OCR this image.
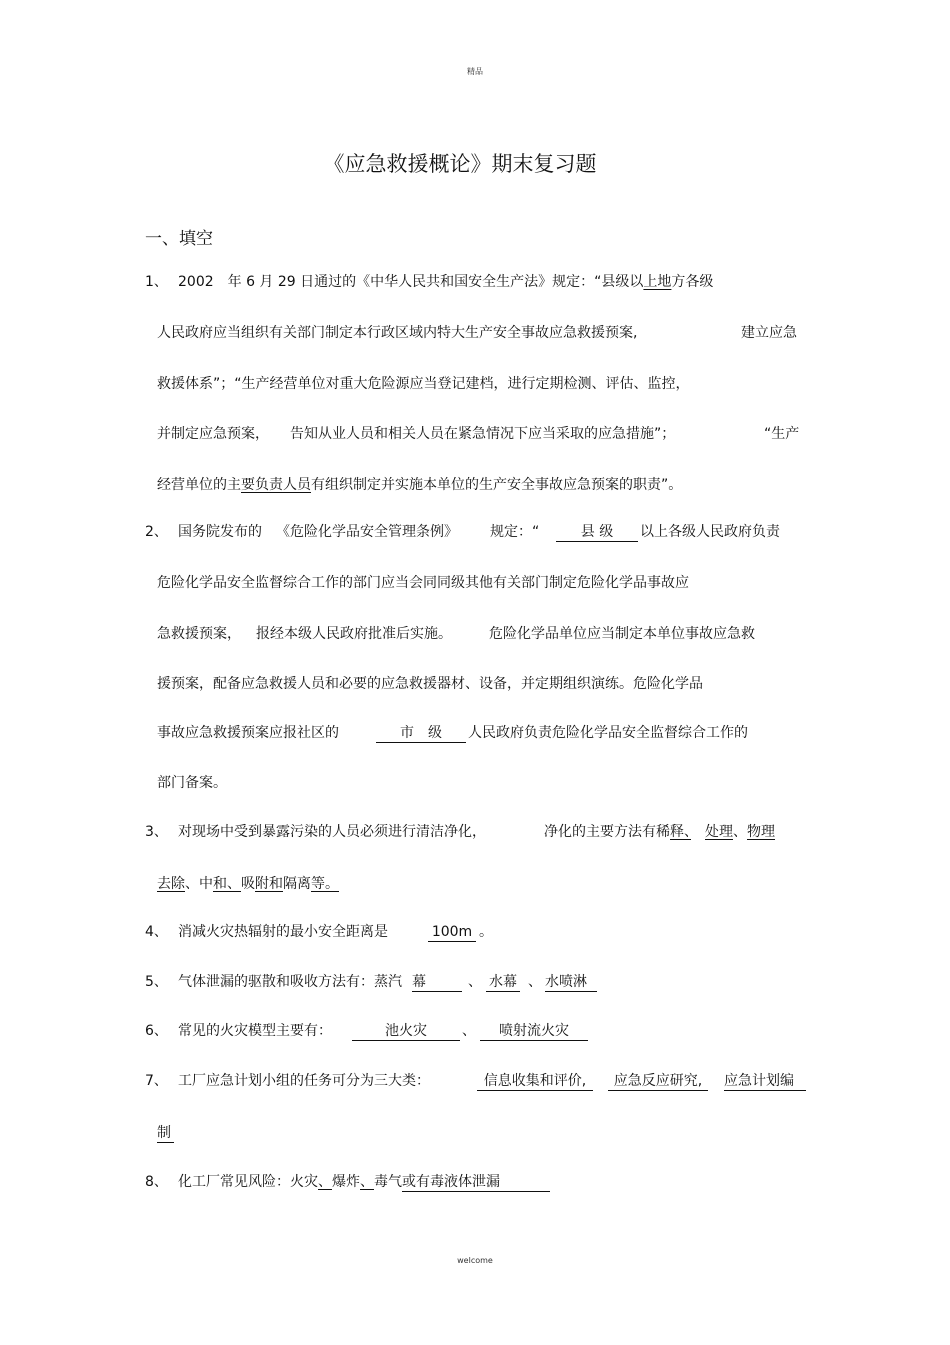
精品
《应急救援概论》期末复习题
一、填空
1、 2002　年 6 月 29 日通过的《中华人民共和国安全生产法》规定：“县级以上地方各级
人民政府应当组织有关部门制定本行政区域内特大生产安全事故应急救援预案,	建立应急
救援体系”；“生产经营单位对重大危险源应当登记建档，进行定期检测、评估、监控，
并制定应急预案， 告知从业人员和相关人员在紧急情况下应当采取的应急措施”；	“生产
经营单位的主要负责人员有组织制定并实施本单位的生产安全事故应急预案的职责”。
2、 国务院发布的 《危险化学品安全管理条例》 规定：“	县 级	以上各级人民政府负责
危险化学品安全监督综合工作的部门应当会同同级其他有关部门制定危险化学品事故应
急救援预案， 报经本级人民政府批准后实施。	危险化学品单位应当制定本单位事故应急救
援预案，配备应急救援人员和必要的应急救援器材、设备，并定期组织演练。危险化学品
事故应急救援预案应报社区的	市　级	人民政府负责危险化学品安全监督综合工作的
部门备案。
3、 对现场中受到暴露污染的人员必须进行清洁净化，	净化的主要方法有稀释、　 处理、物理
去除、中和、吸附和隔离等。
4、 消减火灾热辐射的最小安全距离是	100m 。
5、 气体泄漏的驱散和吸收方法有：蒸汽 幕	、 水幕 、 水喷淋
6、 常见的火灾模型主要有：	池火灾	、	喷射流火灾
7、 工厂应急计划小组的任务可分为三大类：	信息收集和评价,	应急反应研究,	应急计划编
制
8、 化工厂常见风险：火灾、爆炸、毒气或有毒液体泄漏
welcome
